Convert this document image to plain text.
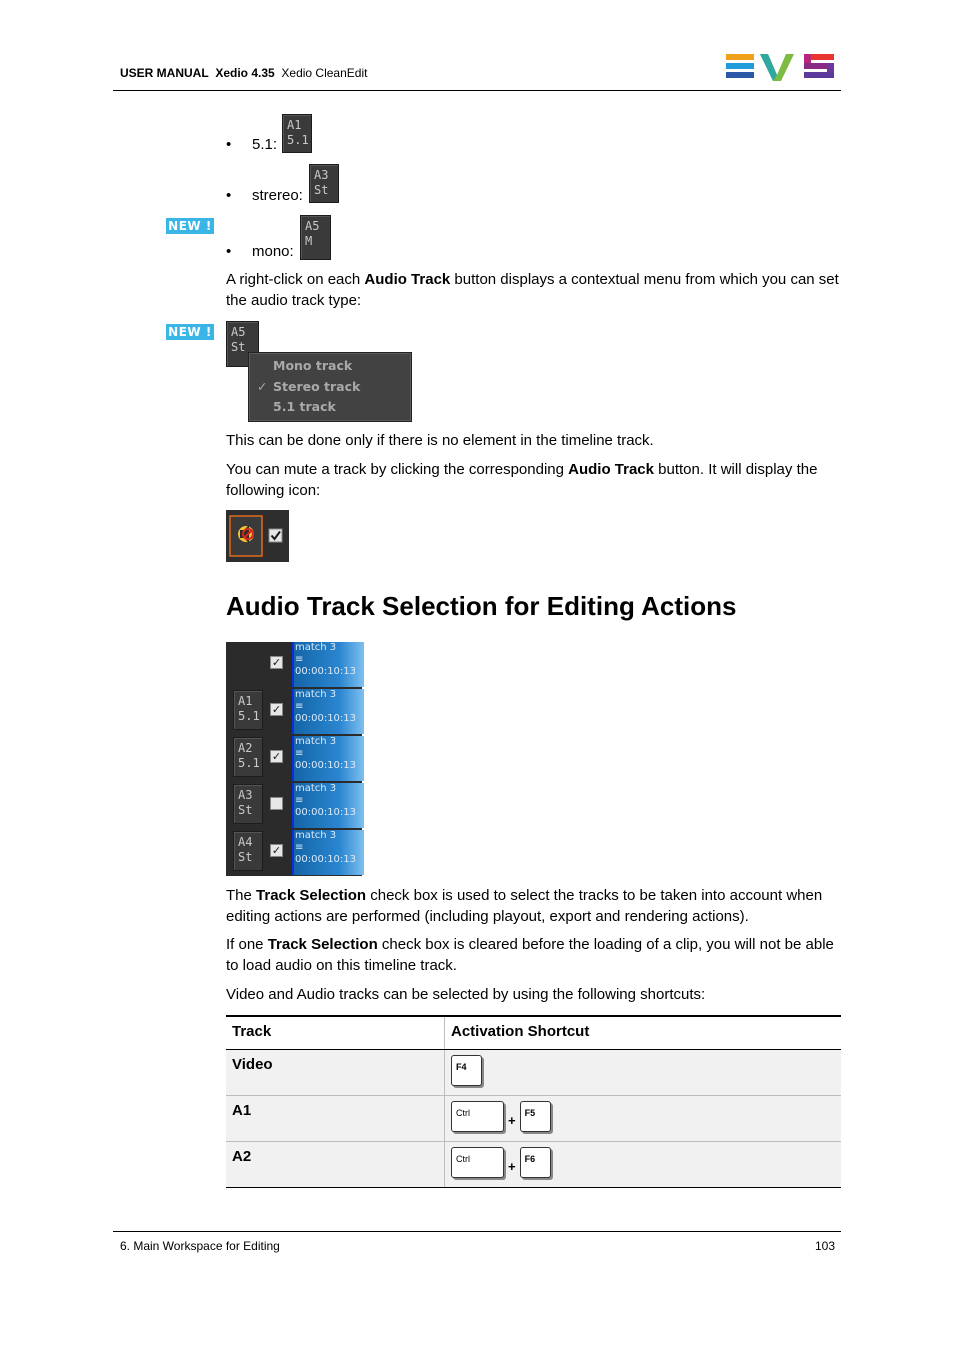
USER MANUAL Xedio 4.35 Xedio CleanEdit
• 5.1:
A1
5.1
• strereo:
A3
St
NEW !
• mono:
A5
M
A right-click on each Audio Track button displays a contextual menu from which you can set the audio track type:
NEW ! A5
St
Mono track
✓ Stereo track
5.1 track
This can be done only if there is no element in the timeline track.
You can mute a track by clicking the corresponding Audio Track button. It will display the following icon:
Audio Track Selection for Editing Actions
✓
match 3
≡
00:00:10:13
A1
5.1 ✓
match 3
≡
00:00:10:13
A2
5.1 ✓
match 3
≡
00:00:10:13
A3
St
match 3
≡
00:00:10:13
A4
St	✓
match 3
≡
00:00:10:13
The Track Selection check box is used to select the tracks to be taken into account when editing actions are performed (including playout, export and rendering actions).
If one Track Selection check box is cleared before the loading of a clip, you will not be able to load audio on this timeline track.
Video and Audio tracks can be selected by using the following shortcuts:
Track	Activation Shortcut
Video	F4

A1	Ctrl + F5

A2	Ctrl + F6
6. Main Workspace for Editing	103
